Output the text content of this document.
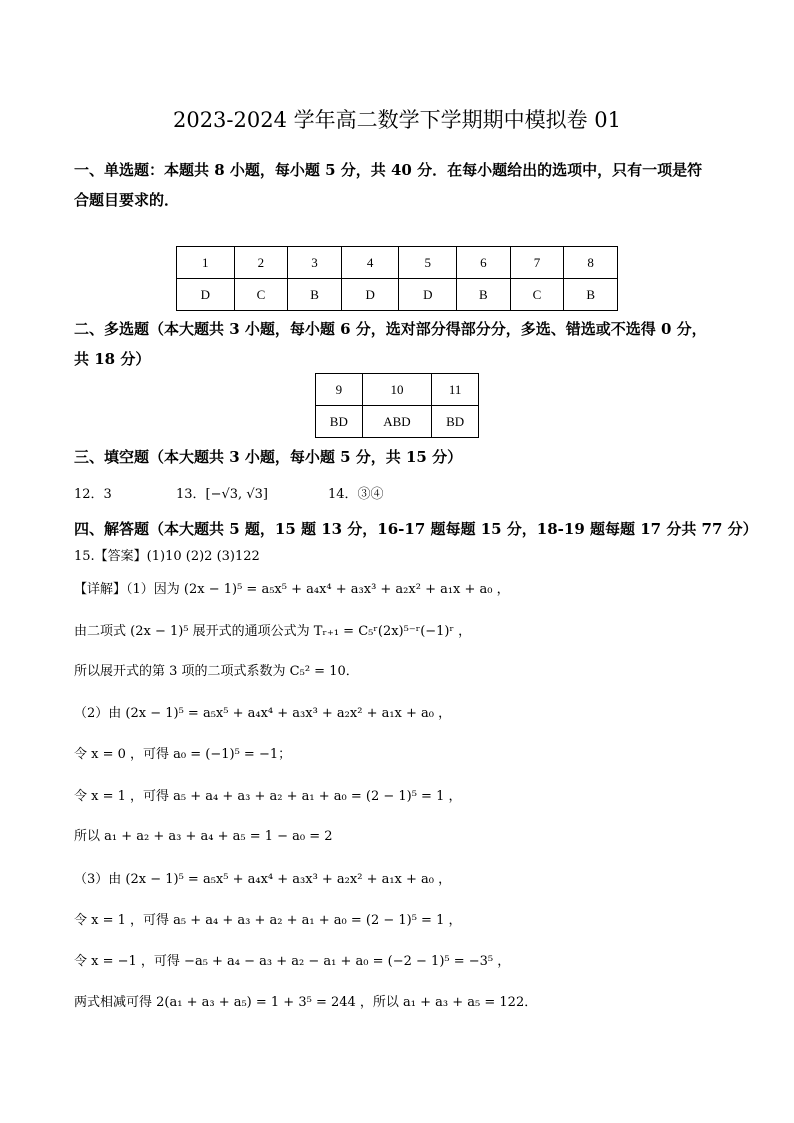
2023-2024 学年高二数学下学期期中模拟卷 01
一、单选题：本题共 8 小题，每小题 5 分，共 40 分．在每小题给出的选项中，只有一项是符
合题目要求的．
1	2	3	4	5	6	7	8
D	C	B	D	D	B	C	B
二、多选题（本大题共 3 小题，每小题 6 分，选对部分得部分分，多选、错选或不选得 0 分，
共 18 分）
9	10	11
BD	ABD	BD
三、填空题（本大题共 3 小题，每小题 5 分，共 15 分）
12．3	13．[−√3, √3]	14．③④
四、解答题（本大题共 5 题，15 题 13 分，16-17 题每题 15 分，18-19 题每题 17 分共 77 分）
15.【答案】(1)10 (2)2 (3)122
【详解】（1）因为 (2x − 1)⁵ = a₅x⁵ + a₄x⁴ + a₃x³ + a₂x² + a₁x + a₀ ，
由二项式 (2x − 1)⁵ 展开式的通项公式为 Tᵣ₊₁ = C₅ʳ(2x)⁵⁻ʳ(−1)ʳ ，
所以展开式的第 3 项的二项式系数为 C₅² = 10．
（2）由 (2x − 1)⁵ = a₅x⁵ + a₄x⁴ + a₃x³ + a₂x² + a₁x + a₀ ，
令 x = 0 ，可得 a₀ = (−1)⁵ = −1；
令 x = 1 ，可得 a₅ + a₄ + a₃ + a₂ + a₁ + a₀ = (2 − 1)⁵ = 1 ，
所以 a₁ + a₂ + a₃ + a₄ + a₅ = 1 − a₀ = 2
（3）由 (2x − 1)⁵ = a₅x⁵ + a₄x⁴ + a₃x³ + a₂x² + a₁x + a₀ ，
令 x = 1 ，可得 a₅ + a₄ + a₃ + a₂ + a₁ + a₀ = (2 − 1)⁵ = 1 ，
令 x = −1 ，可得 −a₅ + a₄ − a₃ + a₂ − a₁ + a₀ = (−2 − 1)⁵ = −3⁵ ，
两式相减可得 2(a₁ + a₃ + a₅) = 1 + 3⁵ = 244 ，所以 a₁ + a₃ + a₅ = 122．
